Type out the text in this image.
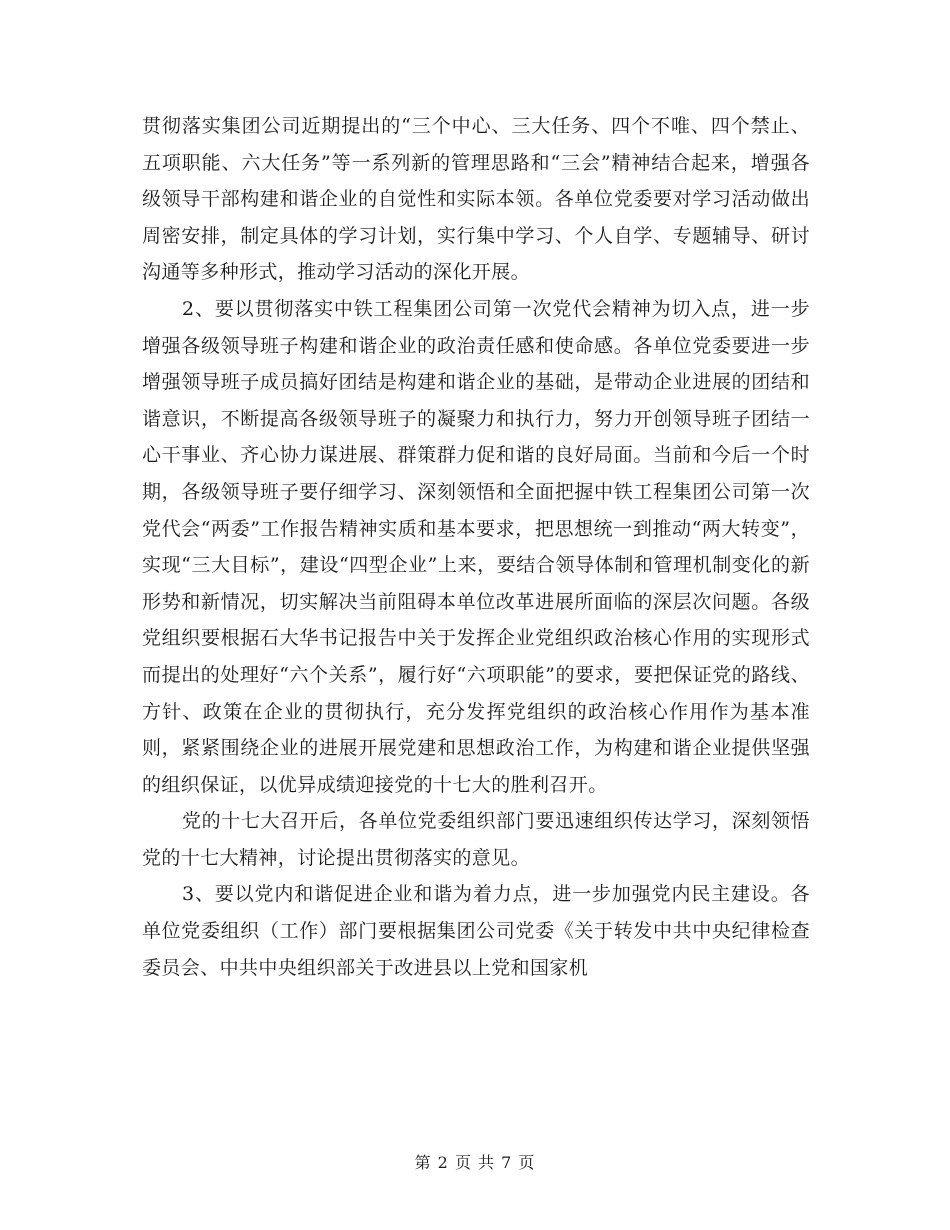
贯彻落实集团公司近期提出的“三个中心、三大任务、四个不唯、四个禁止、五项职能、六大任务”等一系列新的管理思路和“三会”精神结合起来，增强各级领导干部构建和谐企业的自觉性和实际本领。各单位党委要对学习活动做出周密安排，制定具体的学习计划，实行集中学习、个人自学、专题辅导、研讨沟通等多种形式，推动学习活动的深化开展。

2、要以贯彻落实中铁工程集团公司第一次党代会精神为切入点，进一步增强各级领导班子构建和谐企业的政治责任感和使命感。各单位党委要进一步增强领导班子成员搞好团结是构建和谐企业的基础，是带动企业进展的团结和谐意识，不断提高各级领导班子的凝聚力和执行力，努力开创领导班子团结一心干事业、齐心协力谋进展、群策群力促和谐的良好局面。当前和今后一个时期，各级领导班子要仔细学习、深刻领悟和全面把握中铁工程集团公司第一次党代会“两委”工作报告精神实质和基本要求，把思想统一到推动“两大转变”，实现“三大目标”，建设“四型企业”上来，要结合领导体制和管理机制变化的新形势和新情况，切实解决当前阻碍本单位改革进展所面临的深层次问题。各级党组织要根据石大华书记报告中关于发挥企业党组织政治核心作用的实现形式而提出的处理好“六个关系”，履行好“六项职能”的要求，要把保证党的路线、方针、政策在企业的贯彻执行，充分发挥党组织的政治核心作用作为基本准则，紧紧围绕企业的进展开展党建和思想政治工作，为构建和谐企业提供坚强的组织保证，以优异成绩迎接党的十七大的胜利召开。

党的十七大召开后，各单位党委组织部门要迅速组织传达学习，深刻领悟党的十七大精神，讨论提出贯彻落实的意见。

3、要以党内和谐促进企业和谐为着力点，进一步加强党内民主建设。各单位党委组织（工作）部门要根据集团公司党委《关于转发中共中央纪律检查委员会、中共中央组织部关于改进县以上党和国家机

第 2 页 共 7 页
